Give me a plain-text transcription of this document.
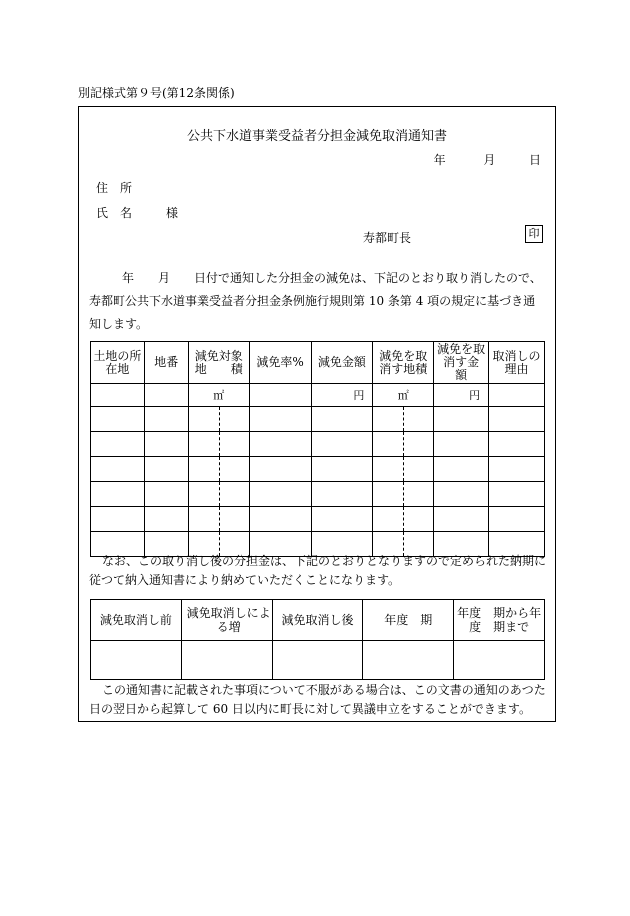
別記様式第９号(第12条関係)
公共下水道事業受益者分担金減免取消通知書
年	月	日
住　所
氏　名	様
寿都町長	印
年　　月　　日付で通知した分担金の減免は、下記のとおり取り消したので、寿都町公共下水道事業受益者分担金条例施行規則第 10 条第 4 項の規定に基づき通知します。
土地の所在地	地番	減免対象地　　積	減免率%	減免金額	減免を取消す地積	減免を取消す金　額	取消しの理由
		㎡		円	㎡	円	

なお、この取り消し後の分担金は、下記のとおりとなりますので定められた納期に従つて納入通知書により納めていただくことになります。
減免取消し前	減免取消しによる増	減免取消し後	年度　期	年度　期から年度　期まで

この通知書に記載された事項について不服がある場合は、この文書の通知のあつた日の翌日から起算して 60 日以内に町長に対して異議申立をすることができます。
